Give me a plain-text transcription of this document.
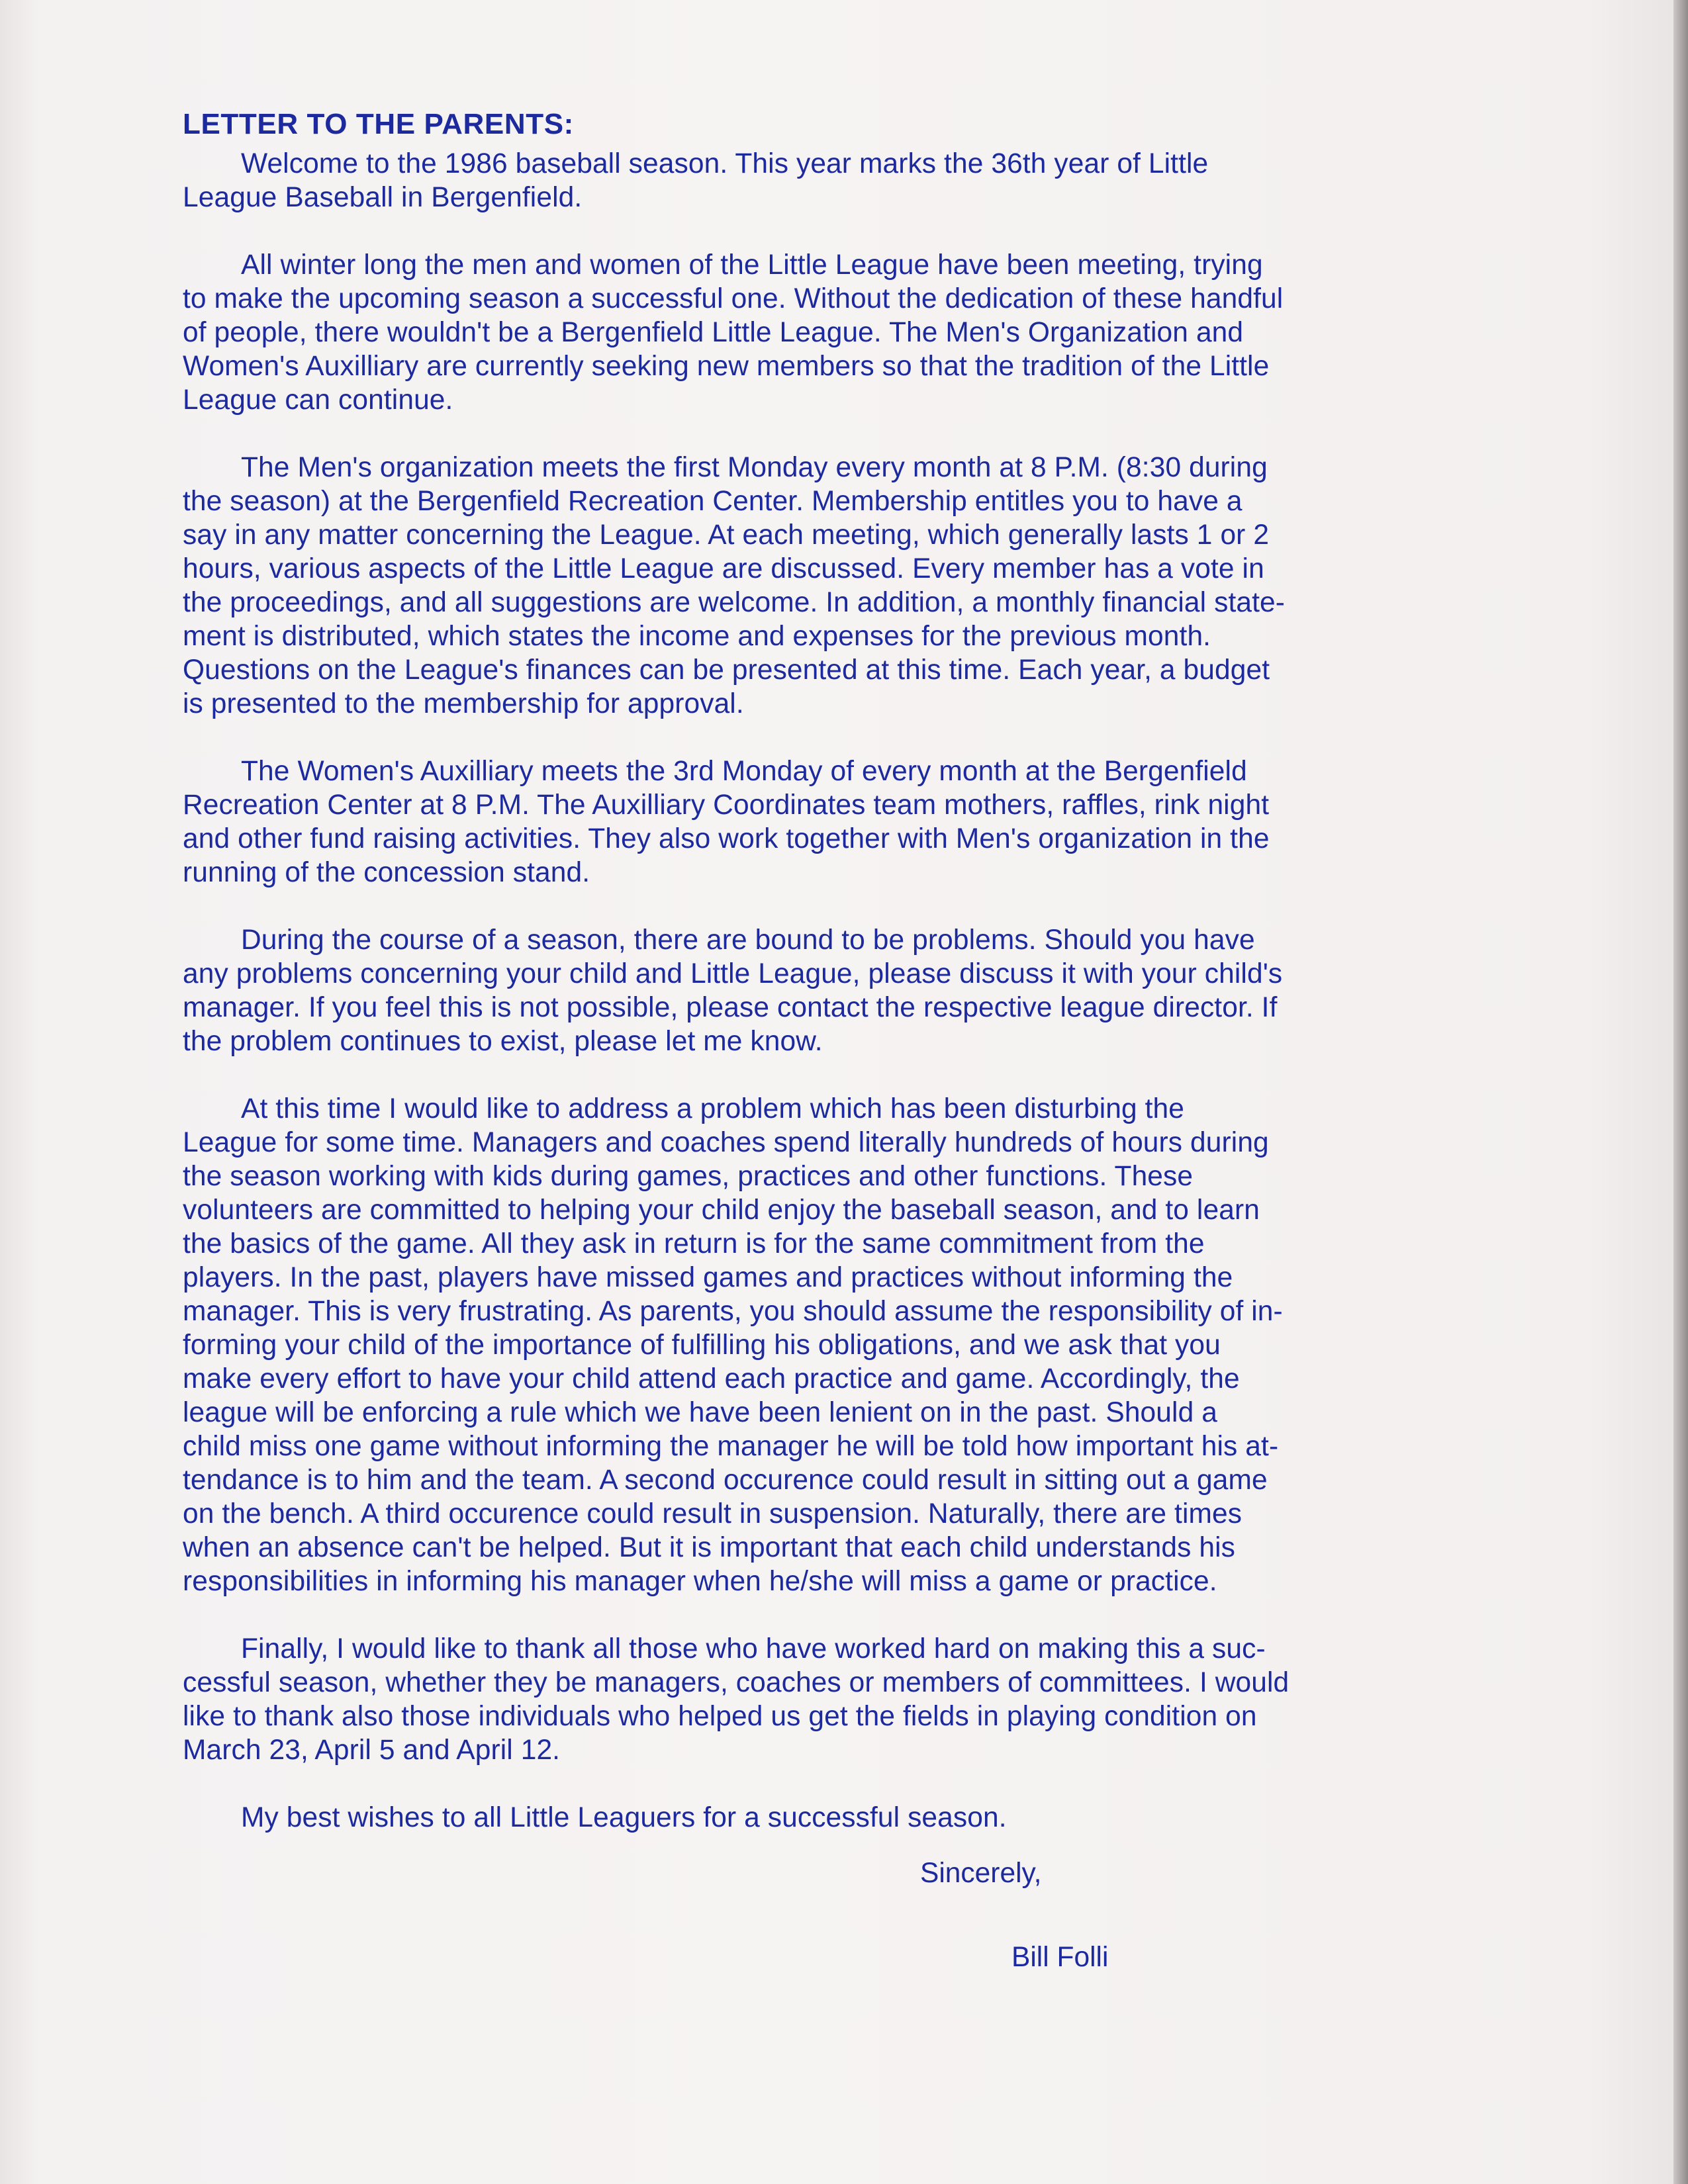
LETTER TO THE PARENTS:

Welcome to the 1986 baseball season. This year marks the 36th year of Little
League Baseball in Bergenfield.

All winter long the men and women of the Little League have been meeting, trying
to make the upcoming season a successful one. Without the dedication of these handful
of people, there wouldn't be a Bergenfield Little League. The Men's Organization and
Women's Auxilliary are currently seeking new members so that the tradition of the Little
League can continue.

The Men's organization meets the first Monday every month at 8 P.M. (8:30 during
the season) at the Bergenfield Recreation Center. Membership entitles you to have a
say in any matter concerning the League. At each meeting, which generally lasts 1 or 2
hours, various aspects of the Little League are discussed. Every member has a vote in
the proceedings, and all suggestions are welcome. In addition, a monthly financial state-
ment is distributed, which states the income and expenses for the previous month.
Questions on the League's finances can be presented at this time. Each year, a budget
is presented to the membership for approval.

The Women's Auxilliary meets the 3rd Monday of every month at the Bergenfield
Recreation Center at 8 P.M. The Auxilliary Coordinates team mothers, raffles, rink night
and other fund raising activities. They also work together with Men's organization in the
running of the concession stand.

During the course of a season, there are bound to be problems. Should you have
any problems concerning your child and Little League, please discuss it with your child's
manager. If you feel this is not possible, please contact the respective league director. If
the problem continues to exist, please let me know.

At this time I would like to address a problem which has been disturbing the
League for some time. Managers and coaches spend literally hundreds of hours during
the season working with kids during games, practices and other functions. These
volunteers are committed to helping your child enjoy the baseball season, and to learn
the basics of the game. All they ask in return is for the same commitment from the
players. In the past, players have missed games and practices without informing the
manager. This is very frustrating. As parents, you should assume the responsibility of in-
forming your child of the importance of fulfilling his obligations, and we ask that you
make every effort to have your child attend each practice and game. Accordingly, the
league will be enforcing a rule which we have been lenient on in the past. Should a
child miss one game without informing the manager he will be told how important his at-
tendance is to him and the team. A second occurence could result in sitting out a game
on the bench. A third occurence could result in suspension. Naturally, there are times
when an absence can't be helped. But it is important that each child understands his
responsibilities in informing his manager when he/she will miss a game or practice.

Finally, I would like to thank all those who have worked hard on making this a suc-
cessful season, whether they be managers, coaches or members of committees. I would
like to thank also those individuals who helped us get the fields in playing condition on
March 23, April 5 and April 12.

My best wishes to all Little Leaguers for a successful season.

Sincerely,
Bill Folli
